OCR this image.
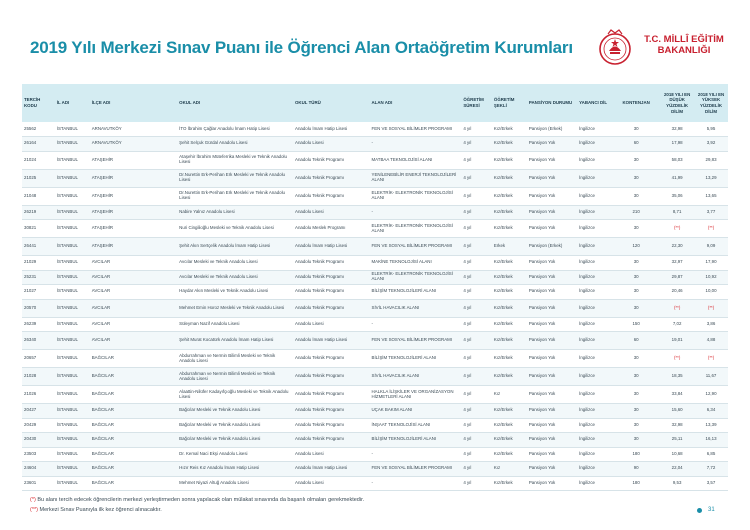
2019 Yılı Merkezi Sınav Puanı ile Öğrenci Alan Ortaöğretim Kurumları	T.C. MİLLÎ EĞİTİM
BAKANLIĞI
TERCİH KODU	İL ADI	İLÇE ADI	OKUL ADI	OKUL TÜRÜ	ALAN ADI	ÖĞRETİM SÜRESİ	ÖĞRETİM ŞEKLİ	PANSİYON DURUMU	YABANCI DİL	KONTENJAN	2018 YILI EN DÜŞÜK YÜZDELİK DİLİM	2018 YILI EN YÜKSEK YÜZDELİK DİLİM
25562	İSTANBUL	ARNAVUTKÖY	İTO İbrahim Çağlar Anadolu İmam Hatip Lisesi	Anadolu İmam Hatip Lisesi	FEN VE SOSYAL BİLİMLER PROGRAMI	4 yıl	Kız/Erkek	Pansiyon (Erkek)	İngilizce	30	32,98	5,95
26164	İSTANBUL	ARNAVUTKÖY	Şehit Selçuk Gürdal Anadolu Lisesi	Anadolu Lisesi	-	4 yıl	Kız/Erkek	Pansiyon Yok	İngilizce	60	17,98	3,92
21024	İSTANBUL	ATAŞEHİR	Ataşehir İbrahim Müteferrika Mesleki ve Teknik Anadolu Lisesi	Anadolu Teknik Programı	MATBAA TEKNOLOJİSİ ALANI	4 yıl	Kız/Erkek	Pansiyon Yok	İngilizce	30	58,03	29,83
21025	İSTANBUL	ATAŞEHİR	Dr.Nurettin Erk-Perihan Erk Mesleki ve Teknik Anadolu Lisesi	Anadolu Teknik Programı	YENİLENEBİLİR ENERJİ TEKNOLOJİLERİ ALANI	4 yıl	Kız/Erkek	Pansiyon Yok	İngilizce	30	41,99	13,29
21048	İSTANBUL	ATAŞEHİR	Dr.Nurettin Erk-Perihan Erk Mesleki ve Teknik Anadolu Lisesi	Anadolu Teknik Programı	ELEKTRİK- ELEKTRONİK TEKNOLOJİSİ ALANI	4 yıl	Kız/Erkek	Pansiyon Yok	İngilizce	30	35,06	13,65
26219	İSTANBUL	ATAŞEHİR	Nabire Yalnız Anadolu Lisesi	Anadolu Lisesi	-	4 yıl	Kız/Erkek	Pansiyon Yok	İngilizce	210	8,71	3,77
30821	İSTANBUL	ATAŞEHİR	Nuri Cingilioğlu Mesleki ve Teknik Anadolu Lisesi	Anadolu Meslek Programı	ELEKTRİK- ELEKTRONİK TEKNOLOJİSİ ALANI	4 yıl	Kız/Erkek	Pansiyon Yok	İngilizce	30	(**)	(**)
26441	İSTANBUL	ATAŞEHİR	Şehit Akın Sertçelik Anadolu İmam Hatip Lisesi	Anadolu İmam Hatip Lisesi	FEN VE SOSYAL BİLİMLER PROGRAMI	4 yıl	Erkek	Pansiyon (Erkek)	İngilizce	120	22,30	9,09
21029	İSTANBUL	AVCILAR	Avcılar Mesleki ve Teknik Anadolu Lisesi	Anadolu Teknik Programı	MAKİNE TEKNOLOJİSİ ALANI	4 yıl	Kız/Erkek	Pansiyon Yok	İngilizce	30	32,97	17,90
25231	İSTANBUL	AVCILAR	Avcılar Mesleki ve Teknik Anadolu Lisesi	Anadolu Teknik Programı	ELEKTRİK- ELEKTRONİK TEKNOLOJİSİ ALANI	4 yıl	Kız/Erkek	Pansiyon Yok	İngilizce	30	29,87	10,92
21027	İSTANBUL	AVCILAR	Haydar Akın Mesleki ve Teknik Anadolu Lisesi	Anadolu Teknik Programı	BİLİŞİM TEKNOLOJİLERİ ALANI	4 yıl	Kız/Erkek	Pansiyon Yok	İngilizce	30	20,46	10,00
20570	İSTANBUL	AVCILAR	Mehmet Emin Horoz Mesleki ve Teknik Anadolu Lisesi	Anadolu Teknik Programı	SİVİL HAVACILIK ALANI	4 yıl	Kız/Erkek	Pansiyon Yok	İngilizce	30	(**)	(**)
26239	İSTANBUL	AVCILAR	Süleyman Nazif Anadolu Lisesi	Anadolu Lisesi	-	4 yıl	Kız/Erkek	Pansiyon Yok	İngilizce	150	7,02	3,86
26340	İSTANBUL	AVCILAR	Şehit Murat Kocatürk Anadolu İmam Hatip Lisesi	Anadolu İmam Hatip Lisesi	FEN VE SOSYAL BİLİMLER PROGRAMI	4 yıl	Kız/Erkek	Pansiyon Yok	İngilizce	60	19,01	4,88
20657	İSTANBUL	BAĞCILAR	Abdurrahman ve Nermin Bilimli Mesleki ve Teknik Anadolu Lisesi	Anadolu Teknik Programı	BİLİŞİM TEKNOLOJİLERİ ALANI	4 yıl	Kız/Erkek	Pansiyon Yok	İngilizce	30	(**)	(**)
21028	İSTANBUL	BAĞCILAR	Abdurrahman ve Nermin Bilimli Mesleki ve Teknik Anadolu Lisesi	Anadolu Teknik Programı	SİVİL HAVACILIK ALANI	4 yıl	Kız/Erkek	Pansiyon Yok	İngilizce	30	18,35	11,67
21026	İSTANBUL	BAĞCILAR	Alaattin-Nilüfer Kadayıfçıoğlu Mesleki ve Teknik Anadolu Lisesi	Anadolu Teknik Programı	HALKLA İLİŞKİLER VE ORGANİZASYON HİZMETLERİ ALANI	4 yıl	Kız	Pansiyon Yok	İngilizce	30	33,84	12,90
20427	İSTANBUL	BAĞCILAR	Bağcılar Mesleki ve Teknik Anadolu Lisesi	Anadolu Teknik Programı	UÇAK BAKIM ALANI	4 yıl	Kız/Erkek	Pansiyon Yok	İngilizce	30	15,60	6,34
20429	İSTANBUL	BAĞCILAR	Bağcılar Mesleki ve Teknik Anadolu Lisesi	Anadolu Teknik Programı	İNŞAAT TEKNOLOJİSİ ALANI	4 yıl	Kız/Erkek	Pansiyon Yok	İngilizce	30	32,98	13,39
20430	İSTANBUL	BAĞCILAR	Bağcılar Mesleki ve Teknik Anadolu Lisesi	Anadolu Teknik Programı	BİLİŞİM TEKNOLOJİLERİ ALANI	4 yıl	Kız/Erkek	Pansiyon Yok	İngilizce	30	25,11	16,13
23503	İSTANBUL	BAĞCILAR	Dr. Kemal Naci Ekşi Anadolu Lisesi	Anadolu Lisesi	-	4 yıl	Kız/Erkek	Pansiyon Yok	İngilizce	180	10,68	6,85
24604	İSTANBUL	BAĞCILAR	Hızır Reis Kız Anadolu İmam Hatip Lisesi	Anadolu İmam Hatip Lisesi	FEN VE SOSYAL BİLİMLER PROGRAMI	4 yıl	Kız	Pansiyon Yok	İngilizce	90	22,04	7,72
23601	İSTANBUL	BAĞCILAR	Mehmet Niyazi Altuğ Anadolu Lisesi	Anadolu Lisesi	-	4 yıl	Kız/Erkek	Pansiyon Yok	İngilizce	180	9,53	3,57
(*) Bu alanı tercih edecek öğrencilerin merkezi yerleştirmeden sonra yapılacak olan mülakat sınavında da başarılı olmaları gerekmektedir.
(**) Merkezi Sınav Puanıyla ilk kez öğrenci alınacaktır.	31
